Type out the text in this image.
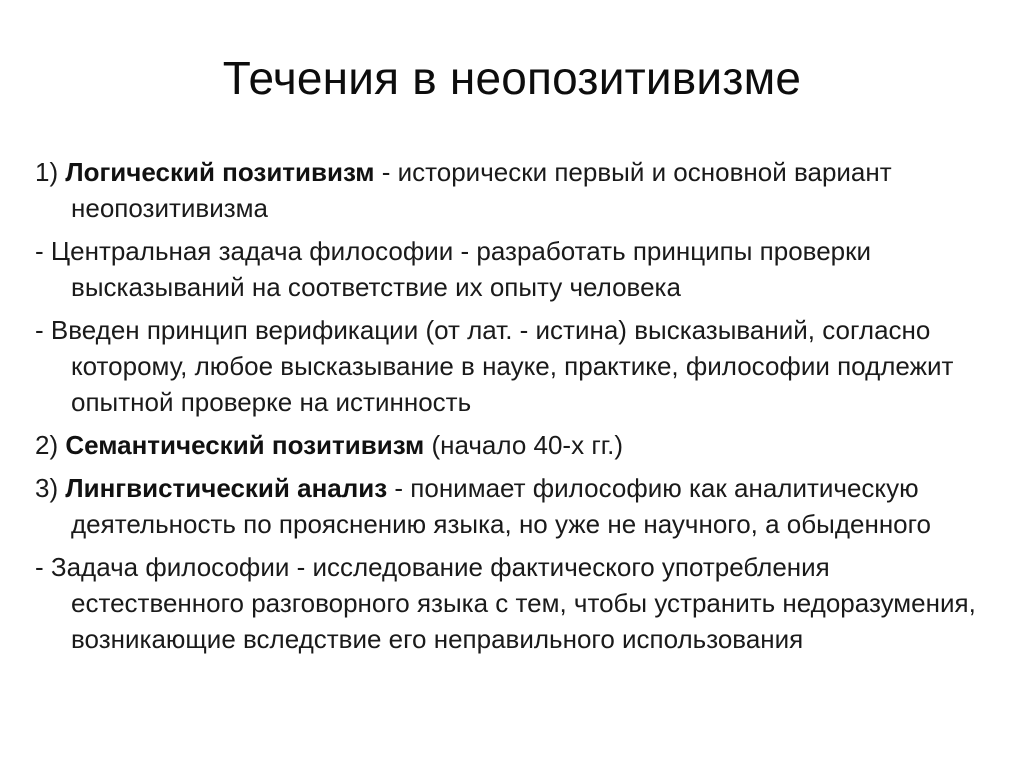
Течения в неопозитивизме

1) Логический позитивизм - исторически первый и основной вариант неопозитивизма

- Центральная задача философии - разработать принципы проверки высказываний на соответствие их опыту человека

- Введен принцип верификации (от лат. - истина) высказываний, согласно которому, любое высказывание в науке, практике, философии подлежит опытной проверке на истинность

2) Семантический позитивизм (начало 40-х гг.)

3) Лингвистический анализ - понимает философию как аналитическую деятельность по прояснению языка, но уже не научного, а обыденного

- Задача философии - исследование фактического употребления естественного разговорного языка с тем, чтобы устранить недоразумения, возникающие вследствие его неправильного использования
